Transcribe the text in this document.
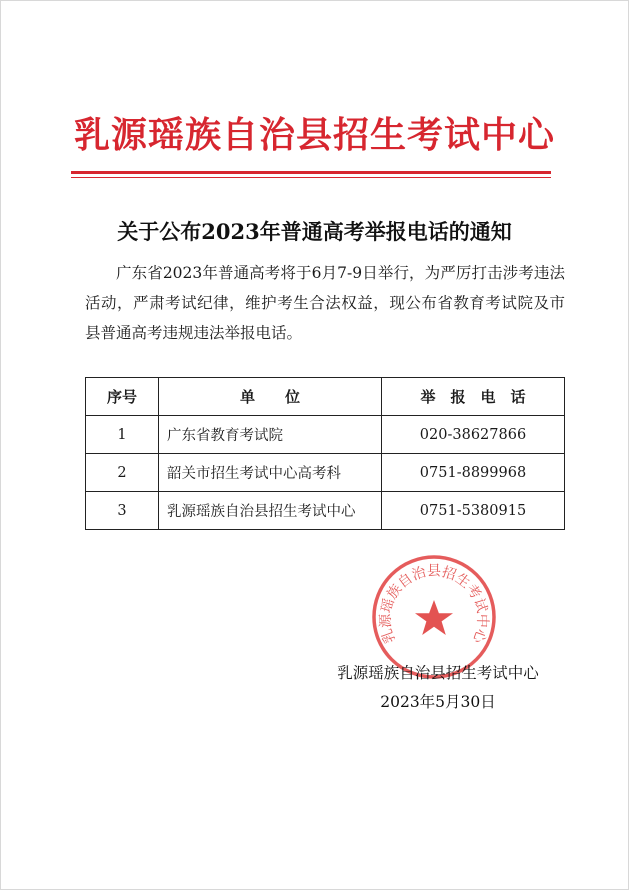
乳源瑶族自治县招生考试中心
关于公布2023年普通高考举报电话的通知
广东省2023年普通高考将于6月7-9日举行，为严厉打击涉考违法活动，严肃考试纪律，维护考生合法权益，现公布省教育考试院及市县普通高考违规违法举报电话。
序号	单　　位	举　报　电　话
1	广东省教育考试院	020-38627866
2	韶关市招生考试中心高考科	0751-8899968
3	乳源瑶族自治县招生考试中心	0751-5380915
乳源瑶族自治县招生考试中心
乳源瑶族自治县招生考试中心
2023年5月30日
